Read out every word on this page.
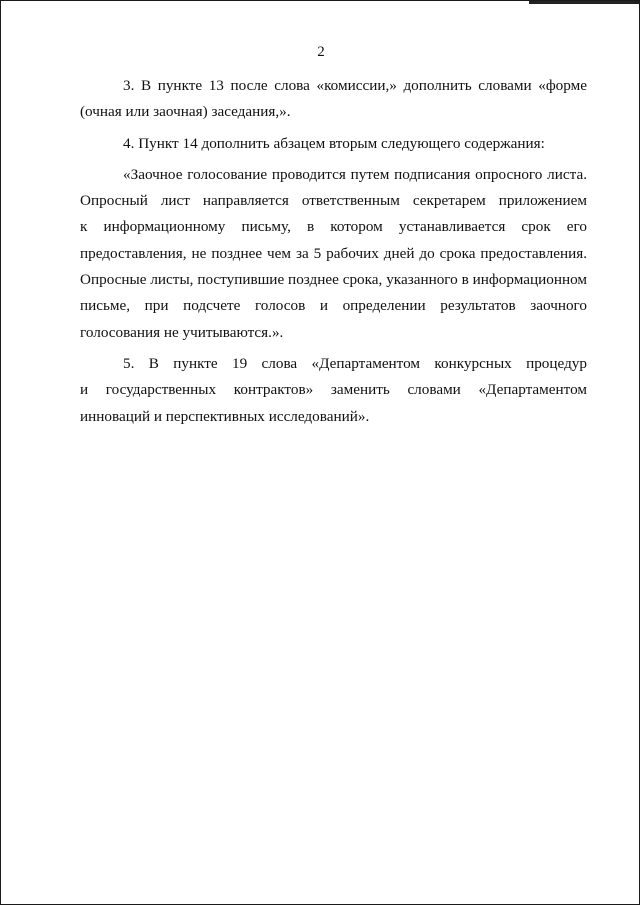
2

3. В пункте 13 после слова «комиссии,» дополнить словами «форме
(очная или заочная) заседания,».

4. Пункт 14 дополнить абзацем вторым следующего содержания:

«Заочное голосование проводится путем подписания опросного листа.
Опросный лист направляется ответственным секретарем приложением
к информационному письму, в котором устанавливается срок его
предоставления, не позднее чем за 5 рабочих дней до срока предоставления.
Опросные листы, поступившие позднее срока, указанного в информационном
письме, при подсчете голосов и определении результатов заочного
голосования не учитываются.».

5. В пункте 19 слова «Департаментом конкурсных процедур
и государственных контрактов» заменить словами «Департаментом
инноваций и перспективных исследований».
